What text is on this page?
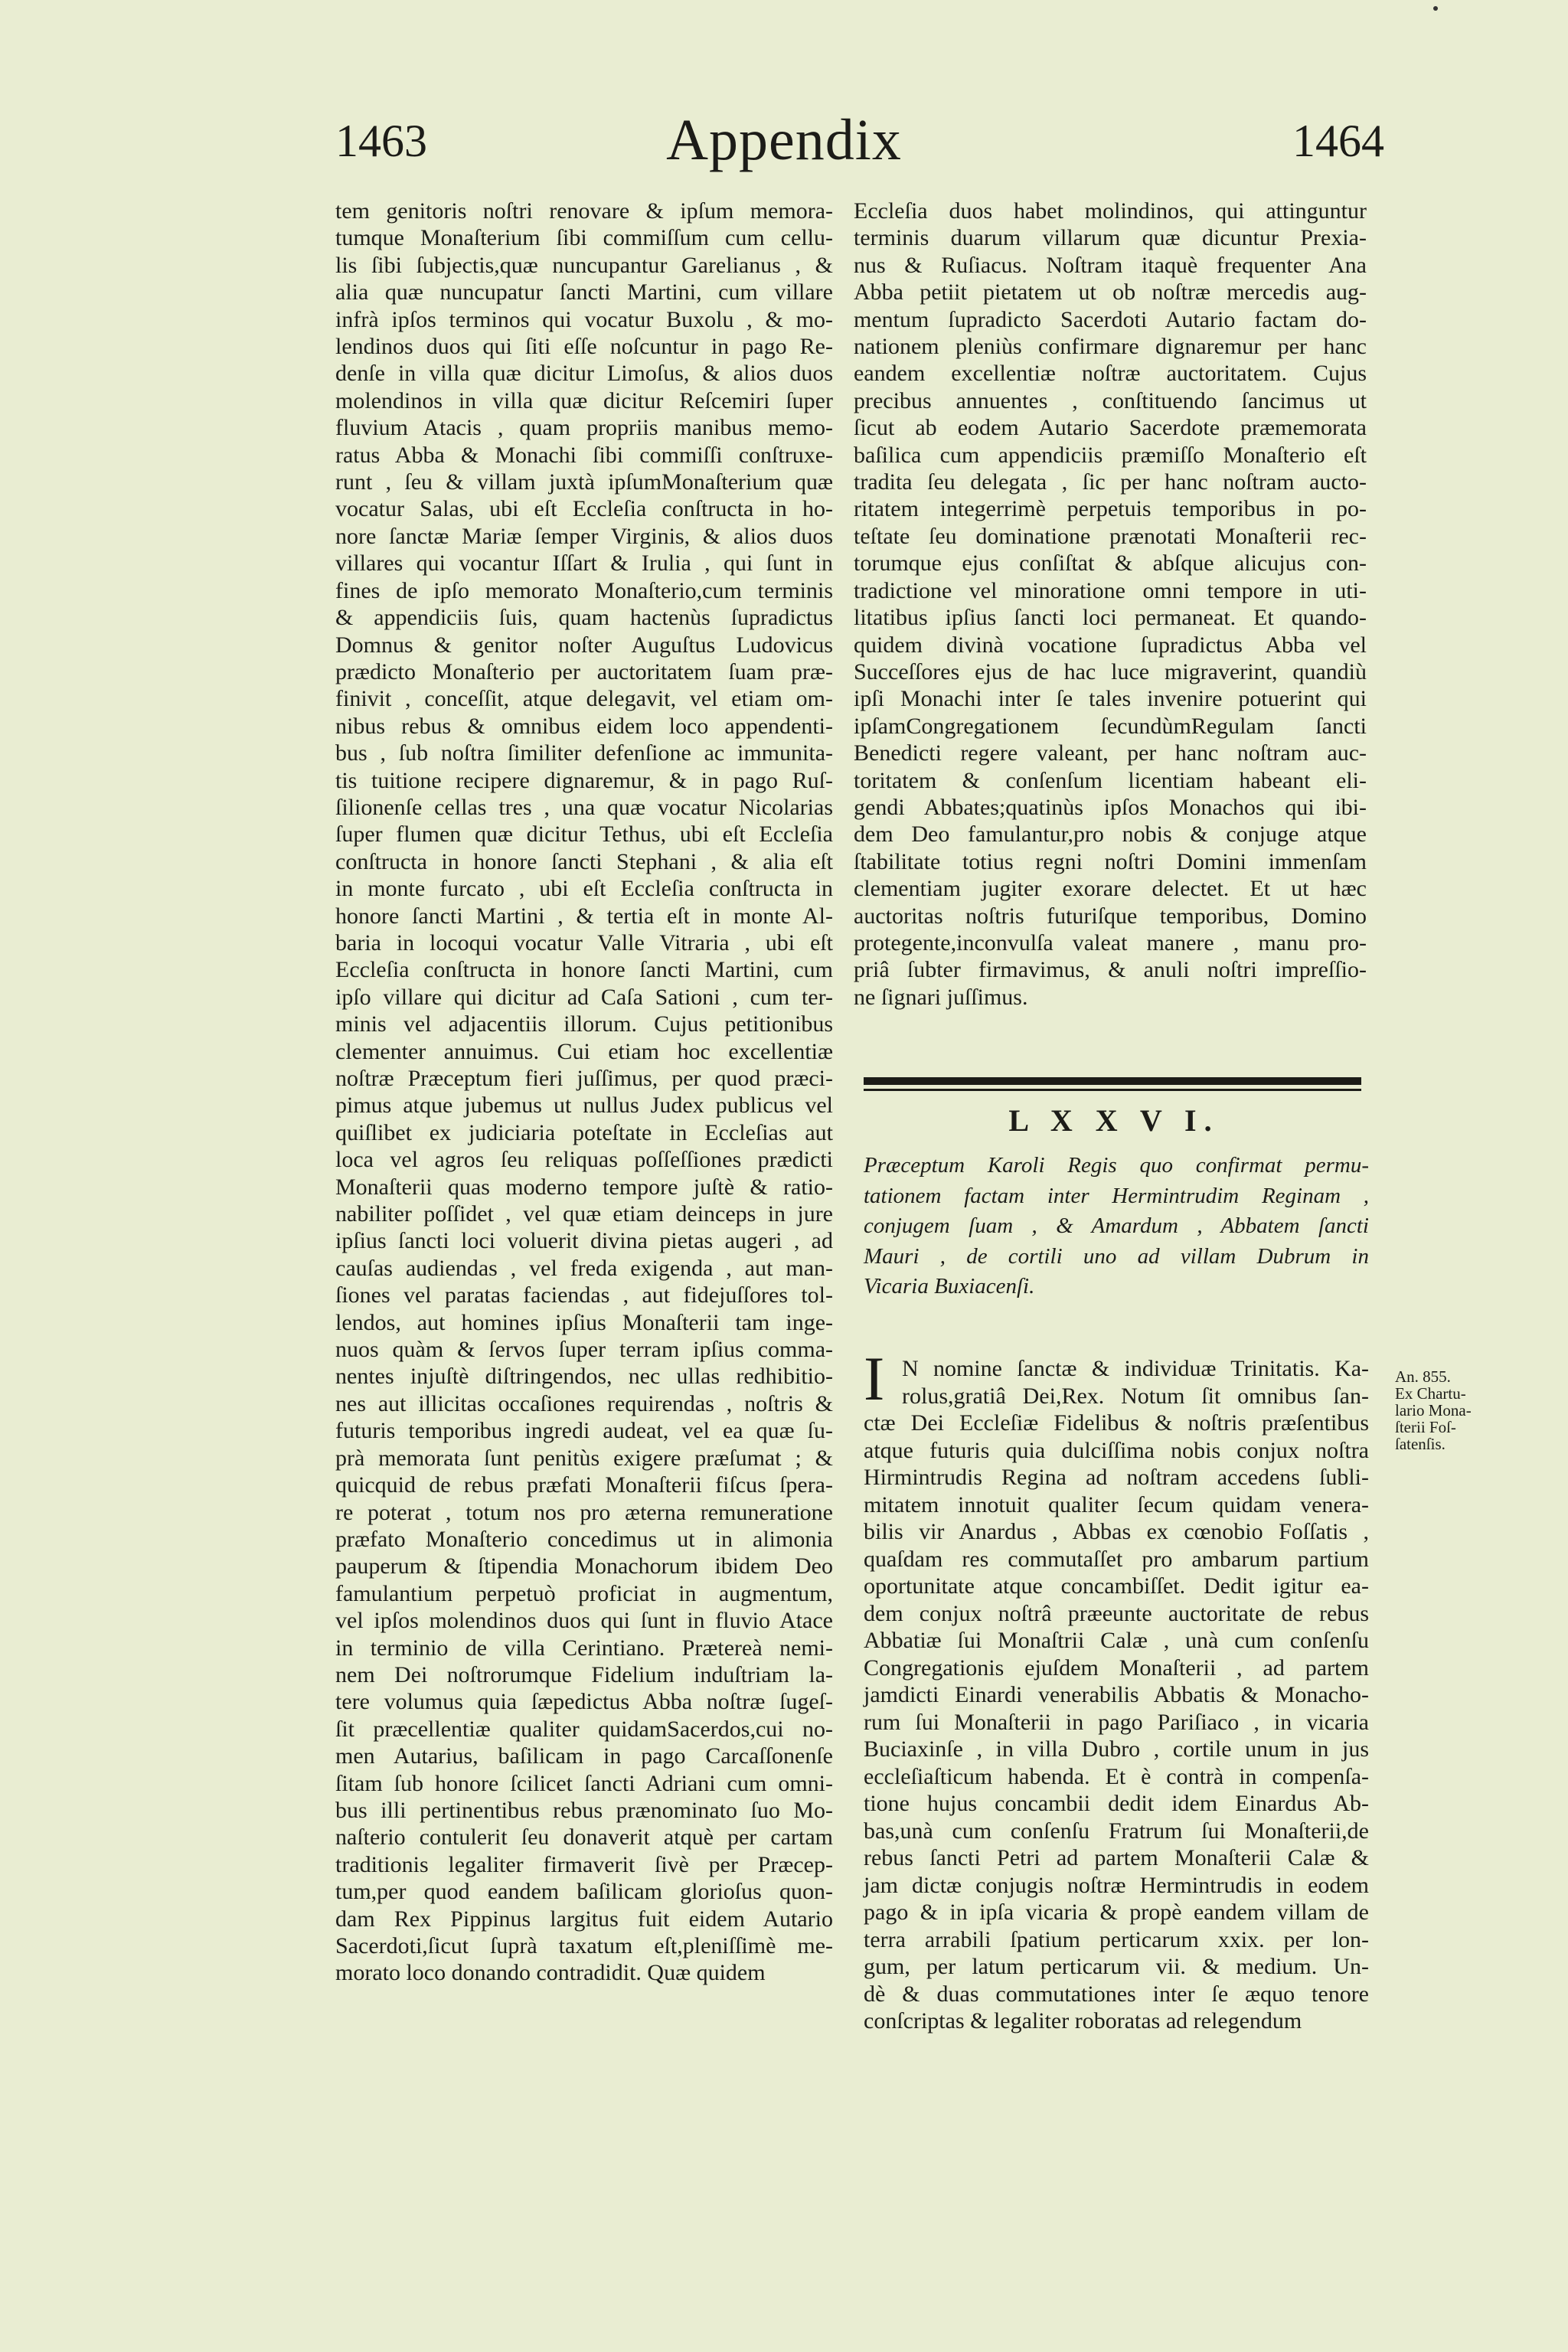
1463	Appendix	1464
tem genitoris noſtri renovare & ipſum memora-
tumque Monaſterium ſibi commiſſum cum cellu-
lis ſibi ſubjectis,quæ nuncupantur Garelianus , &
alia quæ nuncupatur ſancti Martini, cum villare
infrà ipſos terminos qui vocatur Buxolu , & mo-
lendinos duos qui ſiti eſſe noſcuntur in pago Re-
denſe in villa quæ dicitur Limoſus, & alios duos
molendinos in villa quæ dicitur Reſcemiri ſuper
fluvium Atacis , quam propriis manibus memo-
ratus Abba & Monachi ſibi commiſſi conſtruxe-
runt , ſeu & villam juxtà ipſumMonaſterium quæ
vocatur Salas, ubi eſt Eccleſia conſtructa in ho-
nore ſanctæ Mariæ ſemper Virginis, & alios duos
villares qui vocantur Iſſart & Irulia , qui ſunt in
fines de ipſo memorato Monaſterio,cum terminis
& appendiciis ſuis, quam hactenùs ſupradictus
Domnus & genitor noſter Auguſtus Ludovicus
prædicto Monaſterio per auctoritatem ſuam præ-
finivit , conceſſit, atque delegavit, vel etiam om-
nibus rebus & omnibus eidem loco appendenti-
bus , ſub noſtra ſimiliter defenſione ac immunita-
tis tuitione recipere dignaremur, & in pago Ruſ-
ſilionenſe cellas tres , una quæ vocatur Nicolarias
ſuper flumen quæ dicitur Tethus, ubi eſt Eccleſia
conſtructa in honore ſancti Stephani , & alia eſt
in monte furcato , ubi eſt Eccleſia conſtructa in
honore ſancti Martini , & tertia eſt in monte Al-
baria in locoqui vocatur Valle Vitraria , ubi eſt
Eccleſia conſtructa in honore ſancti Martini, cum
ipſo villare qui dicitur ad Caſa Sationi , cum ter-
minis vel adjacentiis illorum. Cujus petitionibus
clementer annuimus. Cui etiam hoc excellentiæ
noſtræ Præceptum fieri juſſimus, per quod præci-
pimus atque jubemus ut nullus Judex publicus vel
quiſlibet ex judiciaria poteſtate in Eccleſias aut
loca vel agros ſeu reliquas poſſeſſiones prædicti
Monaſterii quas moderno tempore juſtè & ratio-
nabiliter poſſidet , vel quæ etiam deinceps in jure
ipſius ſancti loci voluerit divina pietas augeri , ad
cauſas audiendas , vel freda exigenda , aut man-
ſiones vel paratas faciendas , aut fidejuſſores tol-
lendos, aut homines ipſius Monaſterii tam inge-
nuos quàm & ſervos ſuper terram ipſius comma-
nentes injuſtè diſtringendos, nec ullas redhibitio-
nes aut illicitas occaſiones requirendas , noſtris &
futuris temporibus ingredi audeat, vel ea quæ ſu-
prà memorata ſunt penitùs exigere præſumat ; &
quicquid de rebus præfati Monaſterii fiſcus ſpera-
re poterat , totum nos pro æterna remuneratione
præfato Monaſterio concedimus ut in alimonia
pauperum & ſtipendia Monachorum ibidem Deo
famulantium perpetuò proficiat in augmentum,
vel ipſos molendinos duos qui ſunt in fluvio Atace
in terminio de villa Cerintiano. Prætereà nemi-
nem Dei noſtrorumque Fidelium induſtriam la-
tere volumus quia ſæpedictus Abba noſtræ ſugeſ-
ſit præcellentiæ qualiter quidamSacerdos,cui no-
men Autarius, baſilicam in pago Carcaſſonenſe
ſitam ſub honore ſcilicet ſancti Adriani cum omni-
bus illi pertinentibus rebus prænominato ſuo Mo-
naſterio contulerit ſeu donaverit atquè per cartam
traditionis legaliter firmaverit ſivè per Præcep-
tum,per quod eandem baſilicam glorioſus quon-
dam Rex Pippinus largitus fuit eidem Autario
Sacerdoti,ſicut ſuprà taxatum eſt,pleniſſimè me-
morato loco donando contradidit. Quæ quidem
Eccleſia duos habet molindinos, qui attinguntur
terminis duarum villarum quæ dicuntur Prexia-
nus & Ruſiacus. Noſtram itaquè frequenter Ana
Abba petiit pietatem ut ob noſtræ mercedis aug-
mentum ſupradicto Sacerdoti Autario factam do-
nationem pleniùs confirmare dignaremur per hanc
eandem excellentiæ noſtræ auctoritatem. Cujus
precibus annuentes , conſtituendo ſancimus ut
ſicut ab eodem Autario Sacerdote præmemorata
baſilica cum appendiciis præmiſſo Monaſterio eſt
tradita ſeu delegata , ſic per hanc noſtram aucto-
ritatem integerrimè perpetuis temporibus in po-
teſtate ſeu dominatione prænotati Monaſterii rec-
torumque ejus conſiſtat & abſque alicujus con-
tradictione vel minoratione omni tempore in uti-
litatibus ipſius ſancti loci permaneat. Et quando-
quidem divinà vocatione ſupradictus Abba vel
Succeſſores ejus de hac luce migraverint, quandiù
ipſi Monachi inter ſe tales invenire potuerint qui
ipſamCongregationem ſecundùmRegulam ſancti
Benedicti regere valeant, per hanc noſtram auc-
toritatem & conſenſum licentiam habeant eli-
gendi Abbates;quatinùs ipſos Monachos qui ibi-
dem Deo famulantur,pro nobis & conjuge atque
ſtabilitate totius regni noſtri Domini immenſam
clementiam jugiter exorare delectet. Et ut hæc
auctoritas noſtris futuriſque temporibus, Domino
protegente,inconvulſa valeat manere , manu pro-
priâ ſubter firmavimus, & anuli noſtri impreſſio-
ne ſignari juſſimus.
L X X V I.
Præceptum Karoli Regis quo confirmat permu-
tationem factam inter Hermintrudim Reginam ,
conjugem ſuam , & Amardum , Abbatem ſancti
Mauri , de cortili uno ad villam Dubrum in
Vicaria Buxiacenſi.
I N nomine ſanctæ & individuæ Trinitatis. Ka-
rolus,gratiâ Dei,Rex. Notum ſit omnibus ſan-
ctæ Dei Eccleſiæ Fidelibus & noſtris præſentibus
atque futuris quia dulciſſima nobis conjux noſtra
Hirmintrudis Regina ad noſtram accedens ſubli-
mitatem innotuit qualiter ſecum quidam venera-
bilis vir Anardus , Abbas ex cœnobio Foſſatis ,
quaſdam res commutaſſet pro ambarum partium
oportunitate atque concambiſſet. Dedit igitur ea-
dem conjux noſtrâ præeunte auctoritate de rebus
Abbatiæ ſui Monaſtrii Calæ , unà cum conſenſu
Congregationis ejuſdem Monaſterii , ad partem
jamdicti Einardi venerabilis Abbatis & Monacho-
rum ſui Monaſterii in pago Pariſiaco , in vicaria
Buciaxinſe , in villa Dubro , cortile unum in jus
eccleſiaſticum habenda. Et è contrà in compenſa-
tione hujus concambii dedit idem Einardus Ab-
bas,unà cum conſenſu Fratrum ſui Monaſterii,de
rebus ſancti Petri ad partem Monaſterii Calæ &
jam dictæ conjugis noſtræ Hermintrudis in eodem
pago & in ipſa vicaria & propè eandem villam de
terra arrabili ſpatium perticarum xxix. per lon-
gum, per latum perticarum vii. & medium. Un-
dè & duas commutationes inter ſe æquo tenore
conſcriptas & legaliter roboratas ad relegendum
An. 855.
Ex Chartu-
lario Mona-
ſterii Foſ-
ſatenſis.
